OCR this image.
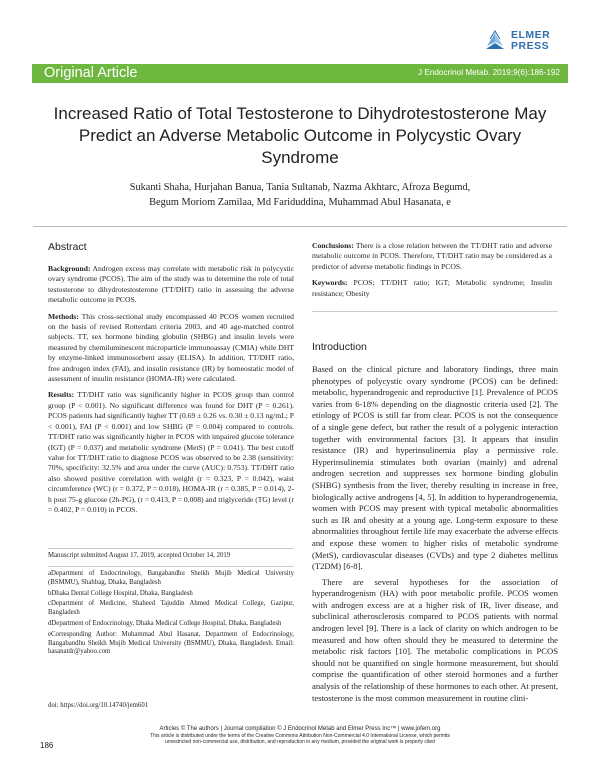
ELMER
PRESS
Original Article	J Endocrinol Metab. 2019;9(6):186-192
Increased Ratio of Total Testosterone to Dihydrotestosterone May Predict an Adverse Metabolic Outcome in Polycystic Ovary Syndrome
Sukanti Shaha, Hurjahan Banua, Tania Sultanab, Nazma Akhtarc, Afroza Begumd,
Begum Moriom Zamilaa, Md Fariduddina, Muhammad Abul Hasanata, e
Abstract

Background: Androgen excess may correlate with metabolic risk in polycystic ovary syndrome (PCOS). The aim of the study was to determine the role of total testosterone to dihydrotestosterone (TT/DHT) ratio in assessing the adverse metabolic outcome in PCOS.

Methods: This cross-sectional study encompassed 40 PCOS women recruited on the basis of revised Rotterdam criteria 2003, and 40 age-matched control subjects. TT, sex hormone binding globulin (SHBG) and insulin levels were measured by chemiluminescent microparticle immunoassay (CMIA) while DHT by enzyme-linked immunosorbent assay (ELISA). In addition, TT/DHT ratio, free androgen index (FAI), and insulin resistance (IR) by homeostatic model of assessment of insulin resistance (HOMA-IR) were calculated.

Results: TT/DHT ratio was significantly higher in PCOS group than control group (P < 0.001). No significant difference was found for DHT (P = 0.261). PCOS patients had significantly higher TT (0.69 ± 0.26 vs. 0.30 ± 0.13 ng/mL; P < 0.001), FAI (P < 0.001) and low SHBG (P = 0.004) compared to controls. TT/DHT ratio was significantly higher in PCOS with impaired glucose tolerance (IGT) (P = 0.037) and metabolic syndrome (MetS) (P = 0.041). The best cutoff value for TT/DHT ratio to diagnose PCOS was observed to be 2.38 (sensitivity: 70%, specificity: 32.5% and area under the curve (AUC): 0.753). TT/DHT ratio also showed positive correlation with weight (r = 0.323, P = 0.042), waist circumference (WC) (r = 0.372, P = 0.018), HOMA-IR (r = 0.385, P = 0.014), 2-h post 75-g glucose (2h-PG), (r = 0.413, P = 0.008) and triglyceride (TG) level (r = 0.402, P = 0.010) in PCOS.

Manuscript submitted August 17, 2019, accepted October 14, 2019

aDepartment of Endocrinology, Bangabandhu Sheikh Mujib Medical University (BSMMU), Shahbag, Dhaka, Bangladesh

bDhaka Dental College Hospital, Dhaka, Bangladesh

cDepartment of Medicine, Shaheed Tajuddin Ahmed Medical College, Gazipur, Bangladesh

dDepartment of Endocrinology, Dhaka Medical College Hospital, Dhaka, Bangladesh

eCorresponding Author: Muhammad Abul Hasanat, Department of Endocrinology, Bangabandhu Sheikh Mujib Medical University (BSMMU), Dhaka, Bangladesh. Email: hasanatdr@yahoo.com

doi: https://doi.org/10.14740/jem601

Conclusions: There is a close relation between the TT/DHT ratio and adverse metabolic outcome in PCOS. Therefore, TT/DHT ratio may be considered as a predictor of adverse metabolic findings in PCOS.

Keywords: PCOS; TT/DHT ratio; IGT; Metabolic syndrome; Insulin resistance; Obesity

Introduction

Based on the clinical picture and laboratory findings, three main phenotypes of polycystic ovary syndrome (PCOS) can be defined: metabolic, hyperandrogenic and reproductive [1]. Prevalence of PCOS varies from 6-18% depending on the diagnostic criteria used [2]. The etiology of PCOS is still far from clear. PCOS is not the consequence of a single gene defect, but rather the result of a polygenic interaction together with environmental factors [3]. It appears that insulin resistance (IR) and hyperinsulinemia play a permissive role. Hyperinsulinemia stimulates both ovarian (mainly) and adrenal androgen secretion and suppresses sex hormone binding globulin (SHBG) synthesis from the liver, thereby resulting in increase in free, biologically active androgens [4, 5]. In addition to hyperandrogenemia, women with PCOS may present with typical metabolic abnormalities such as IR and obesity at a young age. Long-term exposure to these abnormalities throughout fertile life may exacerbate the adverse effects and expose these women to higher risks of metabolic syndrome (MetS), cardiovascular diseases (CVDs) and type 2 diabetes mellitus (T2DM) [6-8].

There are several hypotheses for the association of hyperandrogenism (HA) with poor metabolic profile. PCOS women with androgen excess are at a higher risk of IR, liver disease, and subclinical atherosclerosis compared to PCOS patients with normal androgen level [9]. There is a lack of clarity on which androgen to be measured and how often should they be measured to determine the metabolic risk factors [10]. The metabolic complications in PCOS should not be quantified on single hormone measurement, but should comprise the quantification of other steroid hormones and a further analysis of the relationship of these hormones to each other. At present, testosterone is the most common measurement in routine clini-

Articles © The authors | Journal compilation © J Endocrinol Metab and Elmer Press Inc™ | www.jofem.org
This article is distributed under the terms of the Creative Commons Attribution Non-Commercial 4.0 International License, which permits
unrestricted non-commercial use, distribution, and reproduction in any medium, provided the original work is properly cited
186
